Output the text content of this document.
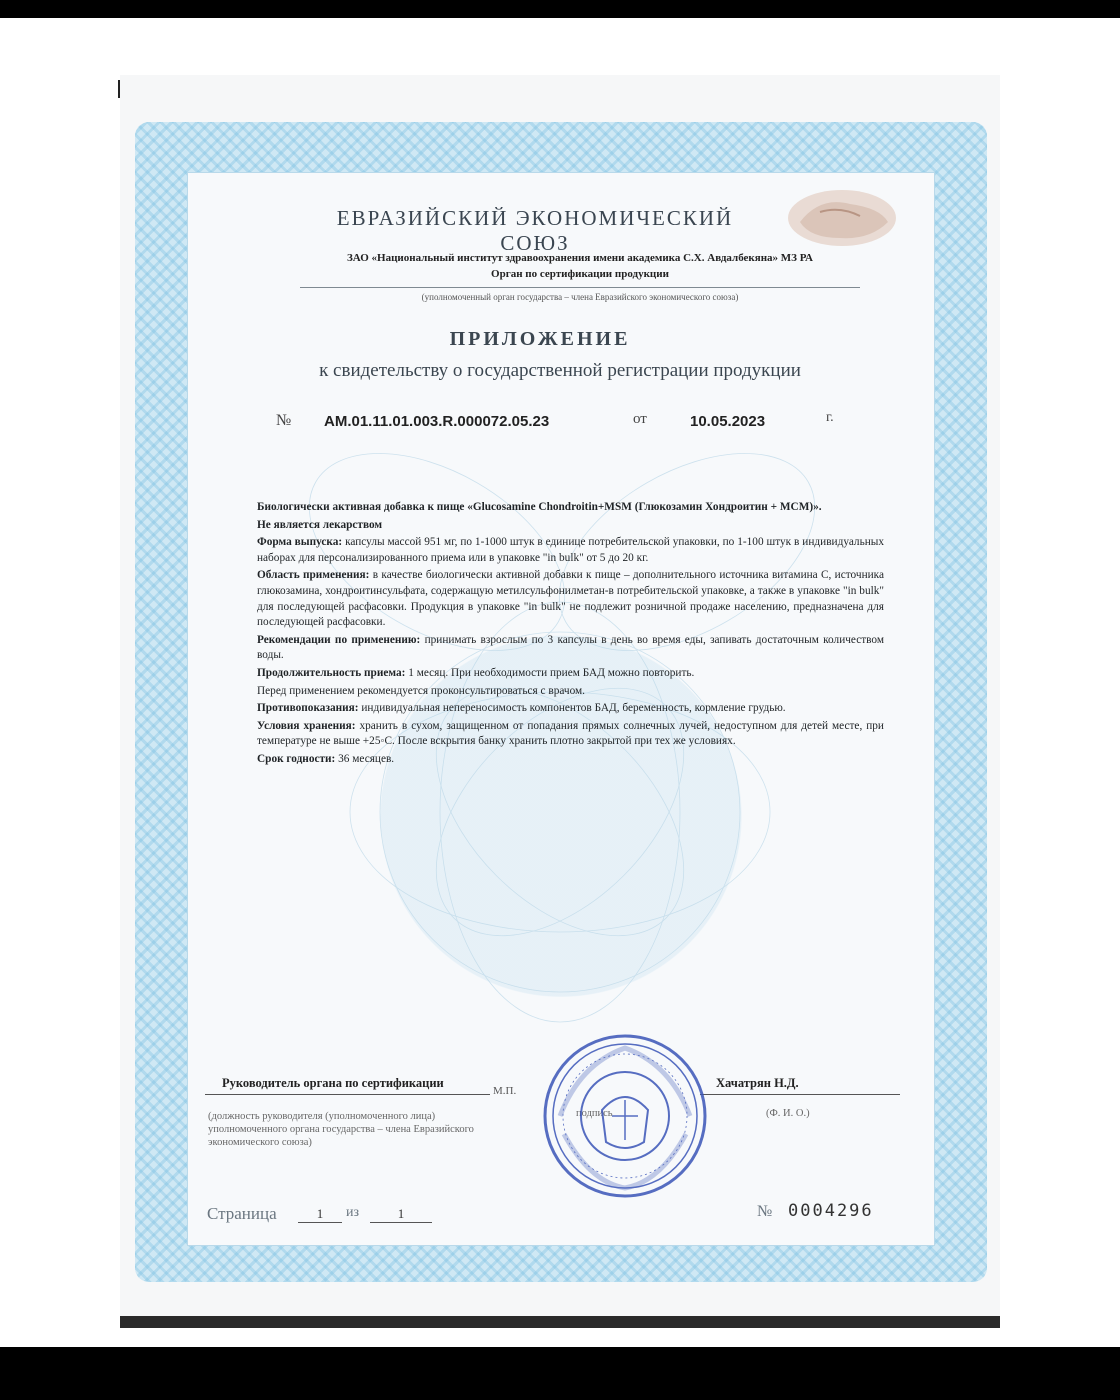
ЕВРАЗИЙСКИЙ ЭКОНОМИЧЕСКИЙ СОЮЗ
ЗАО «Национальный институт здравоохранения имени академика С.Х. Авдалбекяна» МЗ РА
Орган по сертификации продукции
(уполномоченный орган государства – члена Евразийского экономического союза)
ПРИЛОЖЕНИЕ
к свидетельству о государственной регистрации продукции
№ AM.01.11.01.003.R.000072.05.23	от	10.05.2023	г.

Биологически активная добавка к пище «Glucosamine Chondroitin+MSM (Глюкозамин Хондроитин + МСМ)».

Не является лекарством

Форма выпуска: капсулы массой 951 мг, по 1-1000 штук в единице потребительской упаковки, по 1-100 штук в индивидуальных наборах для персонализированного приема или в упаковке "in bulk" от 5 до 20 кг.

Область применения: в качестве биологически активной добавки к пище – дополнительного источника витамина С, источника глюкозамина, хондроитинсульфата, содержащую метилсульфонилметан-в потребительской упаковке, а также в упаковке "in bulk" для последующей расфасовки. Продукция в упаковке "in bulk" не подлежит розничной продаже населению, предназначена для последующей расфасовки.

Рекомендации по применению: принимать взрослым по 3 капсулы в день во время еды, запивать достаточным количеством воды.

Продолжительность приема: 1 месяц. При необходимости прием БАД можно повторить.

Перед применением рекомендуется проконсультироваться с врачом.

Противопоказания: индивидуальная непереносимость компонентов БАД, беременность, кормление грудью.

Условия хранения: хранить в сухом, защищенном от попадания прямых солнечных лучей, недоступном для детей месте, при температуре не выше +25◦С. После вскрытия банку хранить плотно закрытой при тех же условиях.

Срок годности: 36 месяцев.

Руководитель органа по сертификации
М.П.
Хачатрян Н.Д.
подпись	(Ф. И. О.)
(должность руководителя (уполномоченного лица) уполномоченного органа государства – члена Евразийского экономического союза)
Страница	1	из	1	№ 0004296
